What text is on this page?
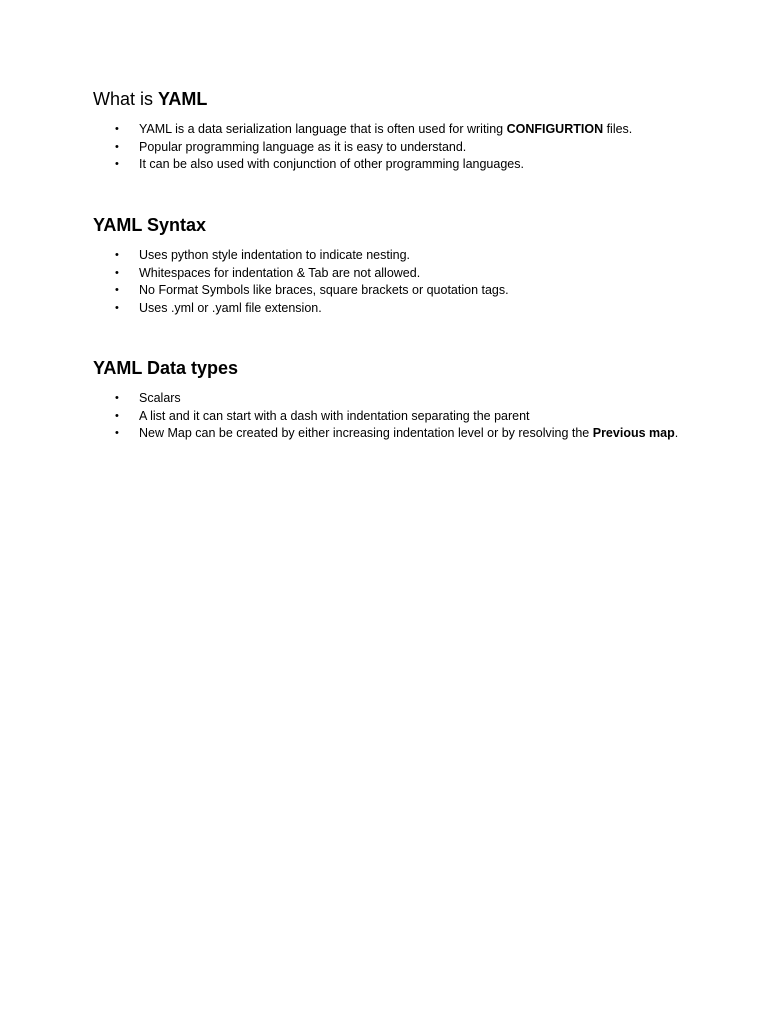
What is YAML
•	YAML is a data serialization language that is often used for writing CONFIGURTION files.
•	Popular programming language as it is easy to understand.
•	It can be also used with conjunction of other programming languages.
YAML Syntax
•	Uses python style indentation to indicate nesting.
•	Whitespaces for indentation & Tab are not allowed.
•	No Format Symbols like braces, square brackets or quotation tags.
•	Uses .yml or .yaml file extension.
YAML Data types
•	Scalars
•	A list and it can start with a dash with indentation separating the parent
•	New Map can be created by either increasing indentation level or by resolving the Previous map.
